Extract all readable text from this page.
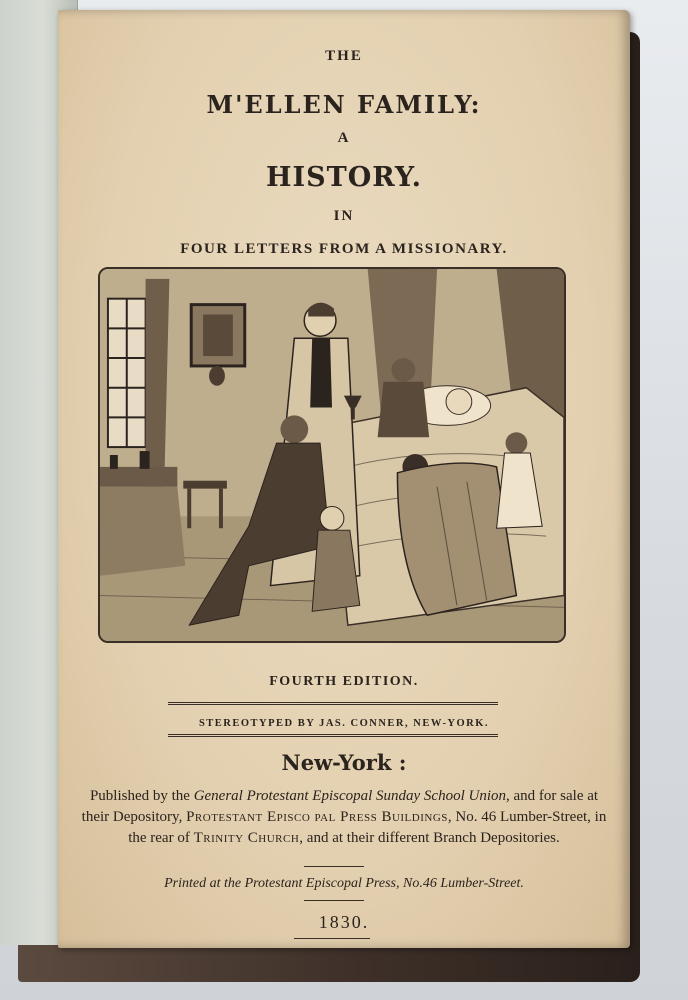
THE
M'ELLEN FAMILY:
A
HISTORY.
IN
FOUR LETTERS FROM A MISSIONARY.
FOURTH EDITION.
STEREOTYPED BY JAS. CONNER, NEW-YORK.
New-York :
Published by the General Protestant Episcopal Sunday School Union, and for sale at their Depository, Protestant Episco pal Press Buildings, No. 46 Lumber-Street, in the rear of Trinity Church, and at their different Branch Depositories.
Printed at the Protestant Episcopal Press, No.46 Lumber-Street.
1830.
